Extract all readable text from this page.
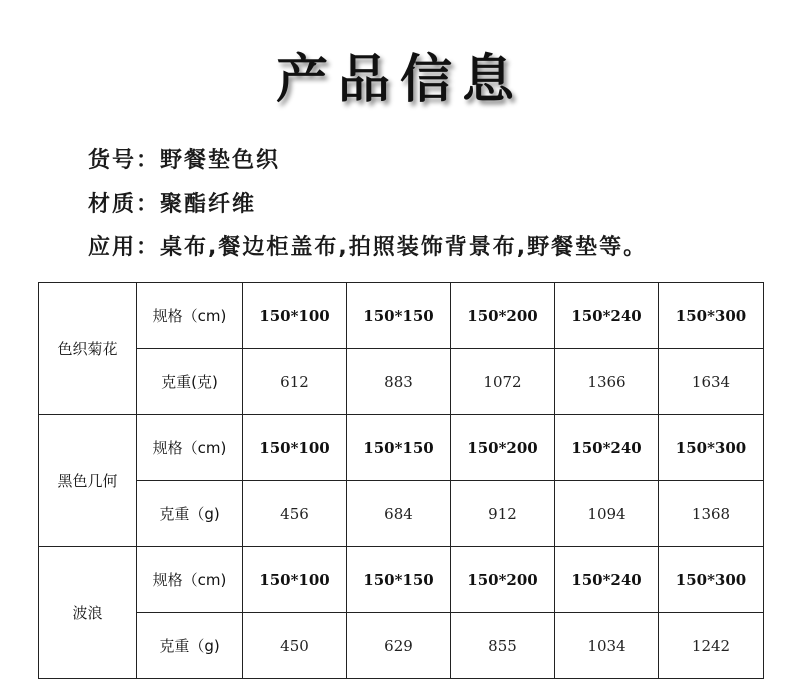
产品信息
货号：野餐垫色织
材质：聚酯纤维
应用：桌布,餐边柜盖布,拍照装饰背景布,野餐垫等。
色织菊花	规格（cm)	150*100	150*150	150*200	150*240	150*300
	克重(克)	612	883	1072	1366	1634
黑色几何	规格（cm)	150*100	150*150	150*200	150*240	150*300
	克重（g)	456	684	912	1094	1368
波浪	规格（cm)	150*100	150*150	150*200	150*240	150*300
	克重（g)	450	629	855	1034	1242
